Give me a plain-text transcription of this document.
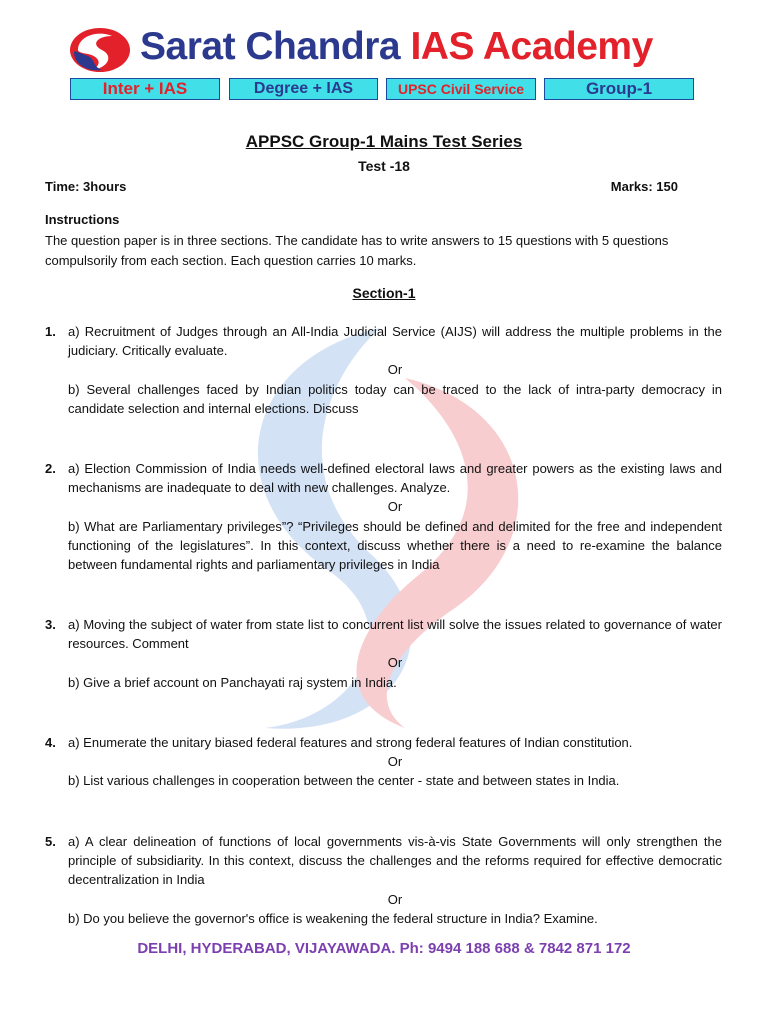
Sarat Chandra IAS Academy
Inter + IAS	Degree + IAS	UPSC Civil Service	Group-1
APPSC Group-1 Mains Test Series
Test -18
Time: 3hours	Marks: 150
Instructions
The question paper is in three sections. The candidate has to write answers to 15 questions with 5 questions compulsorily from each section. Each question carries 10 marks.
Section-1
1. a) Recruitment of Judges through an All-India Judicial Service (AIJS) will address the multiple problems in the judiciary. Critically evaluate.

Or

b) Several challenges faced by Indian politics today can be traced to the lack of intra-party democracy in candidate selection and internal elections. Discuss

2. a) Election Commission of India needs well-defined electoral laws and greater powers as the existing laws and mechanisms are inadequate to deal with new challenges. Analyze.

Or

b) What are Parliamentary privileges”? “Privileges should be defined and delimited for the free and independent functioning of the legislatures”. In this context, discuss whether there is a need to re-examine the balance between fundamental rights and parliamentary privileges in India

3. a) Moving the subject of water from state list to concurrent list will solve the issues related to governance of water resources. Comment

Or

b) Give a brief account on Panchayati raj system in India.

4. a) Enumerate the unitary biased federal features and strong federal features of Indian constitution.

Or

b) List various challenges in cooperation between the center - state and between states in India.

5. a) A clear delineation of functions of local governments vis-à-vis State Governments will only strengthen the principle of subsidiarity. In this context, discuss the challenges and the reforms required for effective democratic decentralization in India

Or

b) Do you believe the governor's office is weakening the federal structure in India? Examine.

DELHI, HYDERABAD, VIJAYAWADA. Ph: 9494 188 688 & 7842 871 172
